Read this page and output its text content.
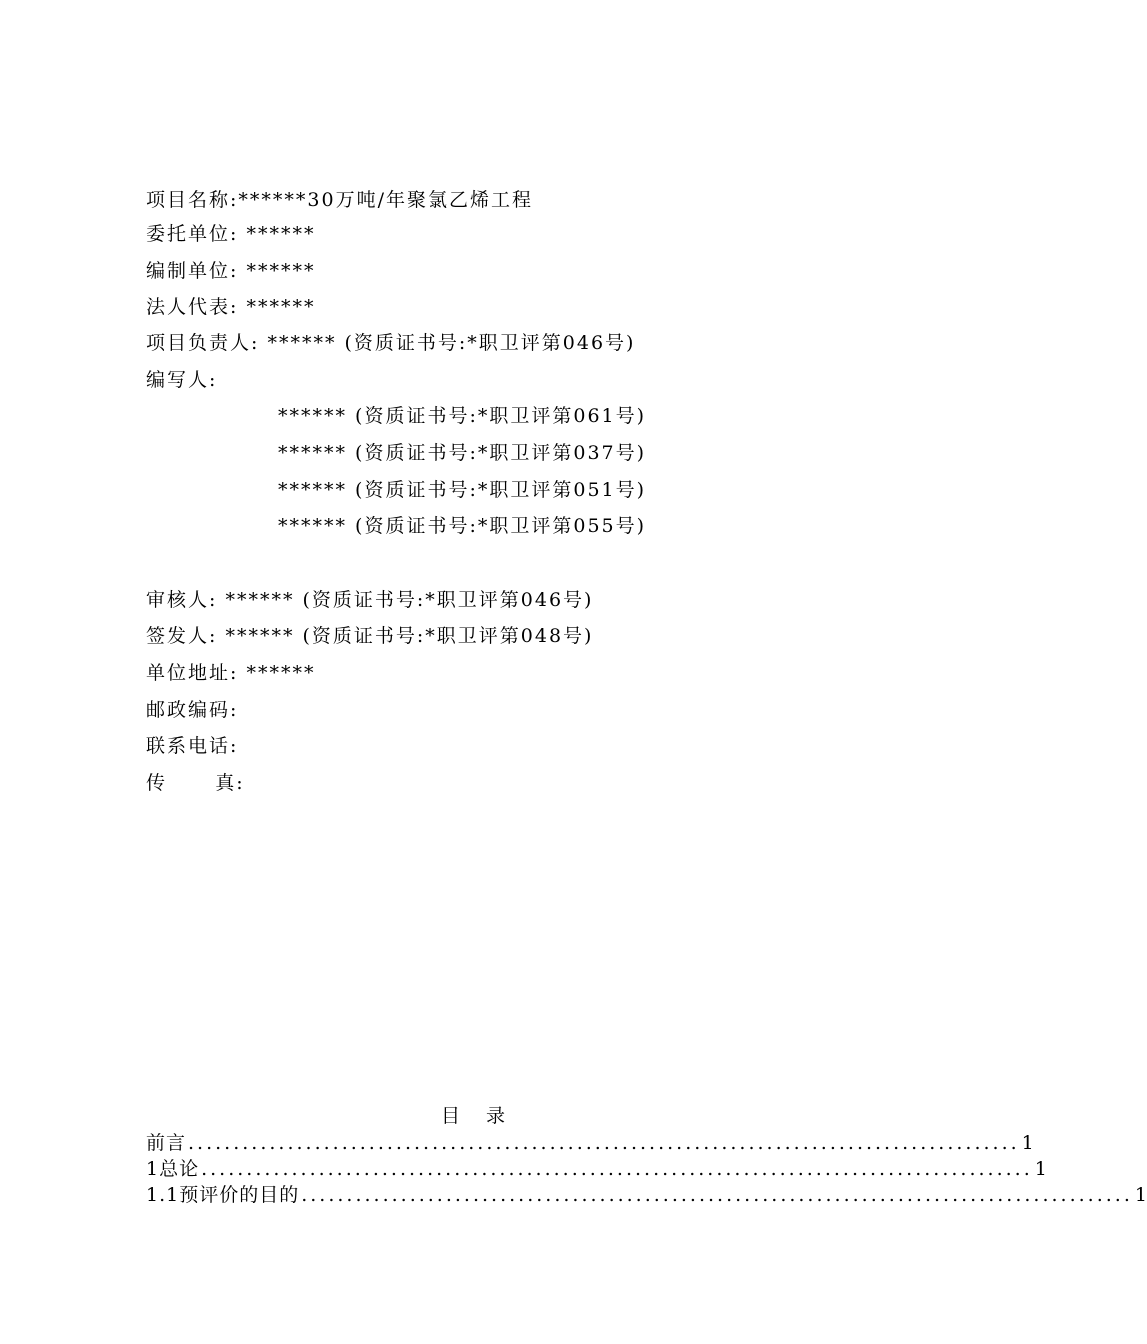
项目名称:******30万吨/年聚氯乙烯工程
委托单位: ******
编制单位: ******
法人代表: ******
项目负责人: ****** (资质证书号:*职卫评第046号)
编写人:
****** (资质证书号:*职卫评第061号)
****** (资质证书号:*职卫评第037号)
****** (资质证书号:*职卫评第051号)
****** (资质证书号:*职卫评第055号)
审核人: ****** (资质证书号:*职卫评第046号)
签发人: ****** (资质证书号:*职卫评第048号)
单位地址: ******
邮政编码:
联系电话:
传      真:
目 录
前言 ............................................................................................ 1
1总论 ............................................................................................ 1
1.1预评价的目的 ............................................................................................ 1
